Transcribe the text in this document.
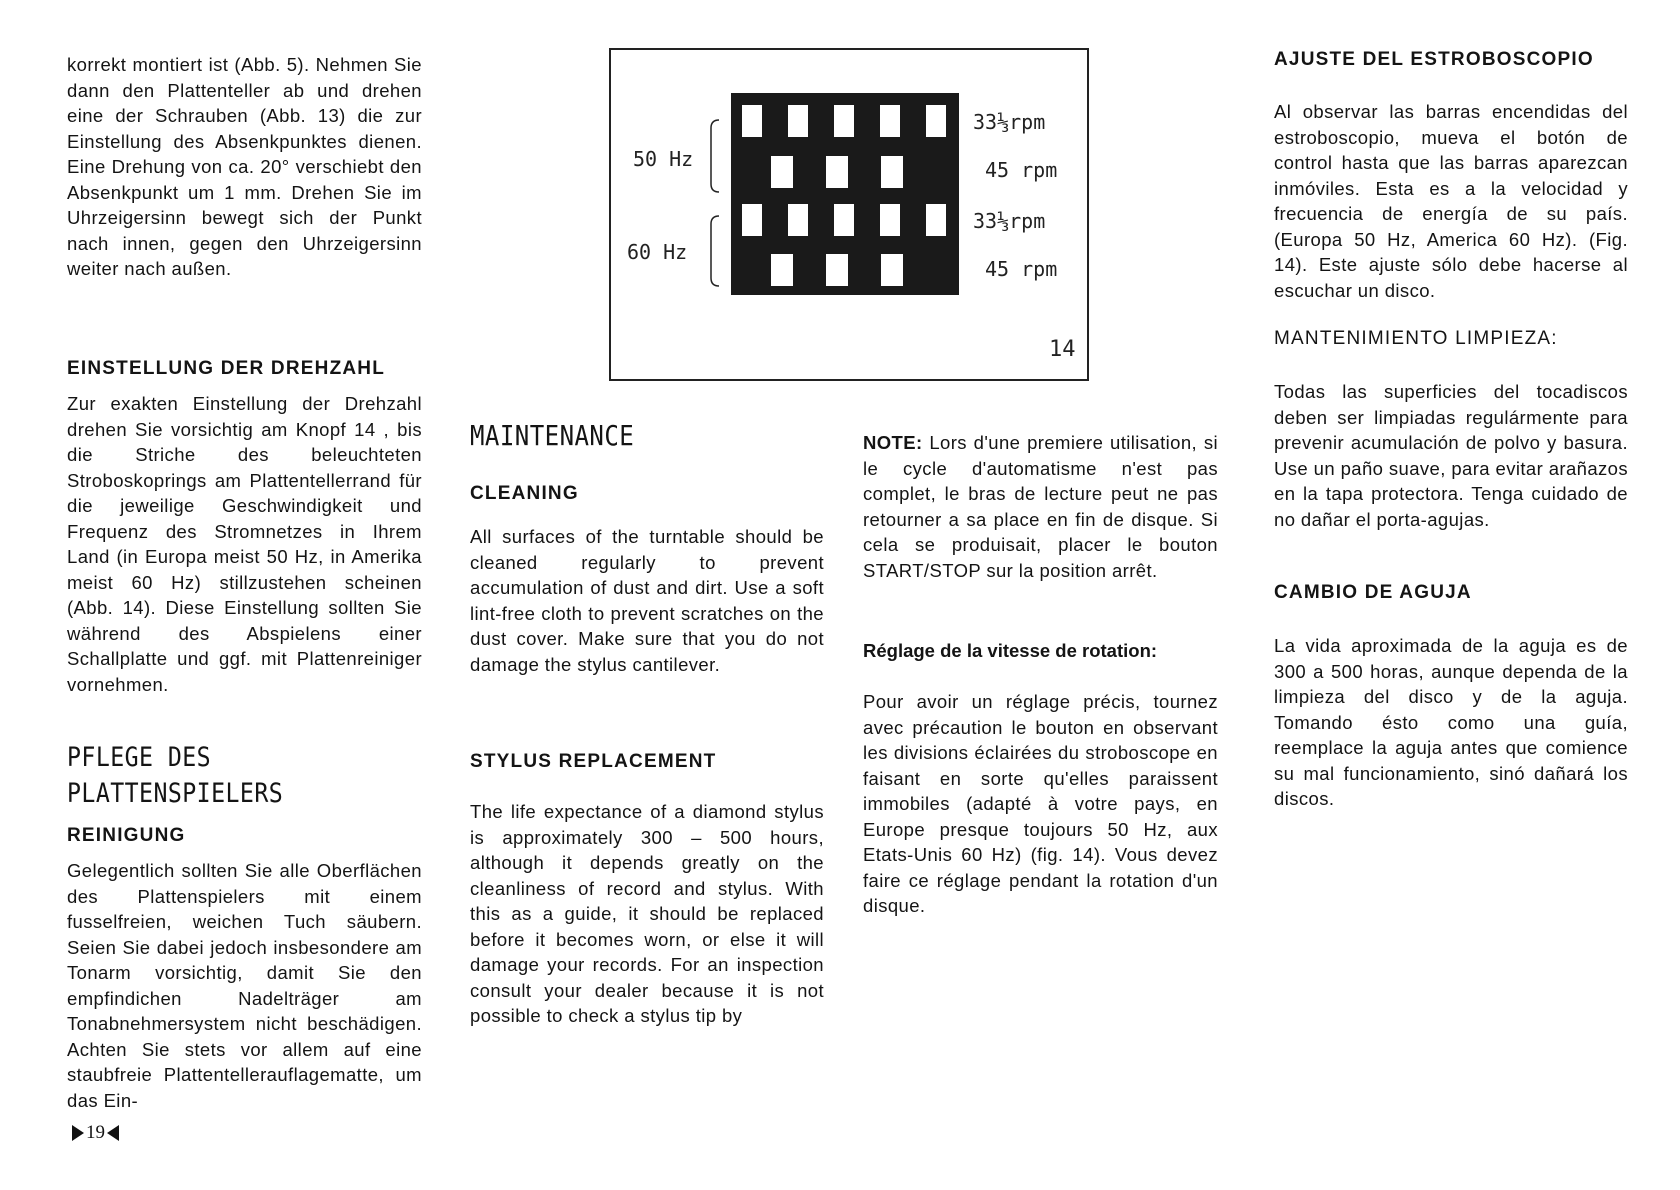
korrekt montiert ist (Abb. 5). Nehmen Sie dann den Plattenteller ab und drehen eine der Schrauben (Abb. 13) die zur Einstellung des Absenkpunktes dienen. Eine Drehung von ca. 20° verschiebt den Absenkpunkt um 1 mm. Drehen Sie im Uhrzeigersinn bewegt sich der Punkt nach innen, gegen den Uhrzeigersinn weiter nach außen.

EINSTELLUNG DER DREHZAHL

Zur exakten Einstellung der Drehzahl drehen Sie vorsichtig am Knopf 14 , bis die Striche des beleuchteten Stroboskoprings am Plattentellerrand für die jeweilige Geschwindigkeit und Frequenz des Stromnetzes in Ihrem Land (in Europa meist 50 Hz, in Amerika meist 60 Hz) stillzustehen scheinen (Abb. 14). Diese Einstellung sollten Sie während des Abspielens einer Schallplatte und ggf. mit Plattenreiniger vornehmen.

PFLEGE DES
PLATTENSPIELERS
REINIGUNG

Gelegentlich sollten Sie alle Oberflächen des Plattenspielers mit einem fusselfreien, weichen Tuch säubern. Seien Sie dabei jedoch insbesondere am Tonarm vorsichtig, damit Sie den empfindichen Nadelträger am Tonabnehmersystem nicht beschädigen. Achten Sie stets vor allem auf eine staubfreie Plattentellerauflagematte, um das Ein-

19
50 Hz
60 Hz
33⅓rpm
45 rpm
33⅓rpm
45 rpm
14
MAINTENANCE
CLEANING

All surfaces of the turntable should be cleaned regularly to prevent accumulation of dust and dirt. Use a soft lint-free cloth to prevent scratches on the dust cover. Make sure that you do not damage the stylus cantilever.

STYLUS REPLACEMENT

The life expectance of a diamond stylus is approximately 300 – 500 hours, although it depends greatly on the cleanliness of record and stylus. With this as a guide, it should be replaced before it becomes worn, or else it will damage your records. For an inspection consult your dealer because it is not possible to check a stylus tip by

NOTE: Lors d'une premiere utilisation, si le cycle d'automatisme n'est pas complet, le bras de lecture peut ne pas retourner a sa place en fin de disque. Si cela se produisait, placer le bouton START/STOP sur la position arrêt.

Réglage de la vitesse de rotation:

Pour avoir un réglage précis, tournez avec précaution le bouton en observant les divisions éclairées du stroboscope en faisant en sorte qu'elles paraissent immobiles (adapté à votre pays, en Europe presque toujours 50 Hz, aux Etats-Unis 60 Hz) (fig. 14). Vous devez faire ce réglage pendant la rotation d'un disque.

AJUSTE DEL ESTROBOSCOPIO

Al observar las barras encendidas del estroboscopio, mueva el botón de control hasta que las barras aparezcan inmóviles. Esta es a la velocidad y frecuencia de energía de su país. (Europa 50 Hz, America 60 Hz). (Fig. 14). Este ajuste sólo debe hacerse al escuchar un disco.

MANTENIMIENTO LIMPIEZA:

Todas las superficies del tocadiscos deben ser limpiadas regulármente para prevenir acumulación de polvo y basura. Use un paño suave, para evitar arañazos en la tapa protectora. Tenga cuidado de no dañar el porta-agujas.

CAMBIO DE AGUJA

La vida aproximada de la aguja es de 300 a 500 horas, aunque dependa de la limpieza del disco y de la aguja. Tomando ésto como una guía, reemplace la aguja antes que comience su mal funcionamiento, sinó dañará los discos.
